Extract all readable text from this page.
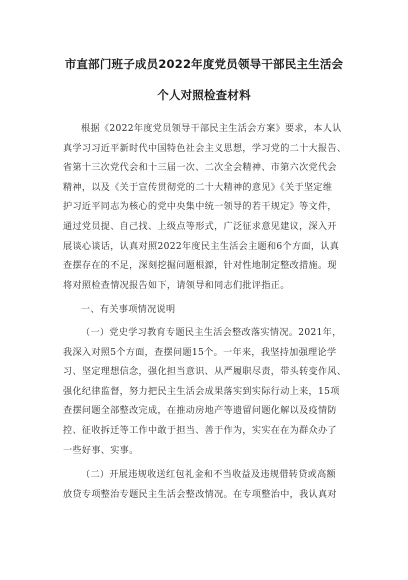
市直部门班子成员2022年度党员领导干部民主生活会
个人对照检查材料
根据《2022年度党员领导干部民主生活会方案》要求，本人认
真学习习近平新时代中国特色社会主义思想，学习党的二十大报告、
省第十三次党代会和十三届一次、二次全会精神、市第六次党代会
精神，以及《关于宣传贯彻党的二十大精神的意见》《关于坚定维
护习近平同志为核心的党中央集中统一领导的若干规定》等文件，
通过党员提、自己找、上级点等形式，广泛征求意见建议，深入开
展谈心谈话，认真对照2022年度民主生活会主题和6个方面，认真
查摆存在的不足，深刻挖掘问题根源，针对性地制定整改措施。现
将对照检查情况报告如下，请领导和同志们批评指正。
一、有关事项情况说明
（一）党史学习教育专题民主生活会整改落实情况。2021年，
我深入对照5个方面，查摆问题15个。一年来，我坚持加强理论学
习、坚定理想信念，强化担当意识、从严履职尽责，带头转变作风、
强化纪律监督，努力把民主生活会成果落实到实际行动上来，15项
查摆问题全部整改完成，在推动房地产等遗留问题化解以及疫情防
控、征收拆迁等工作中敢于担当、善于作为，实实在在为群众办了
一些好事、实事。
（二）开展违规收送红包礼金和不当收益及违规借转贷或高额
放贷专项整治专题民主生活会整改情况。在专项整治中，我认真对
